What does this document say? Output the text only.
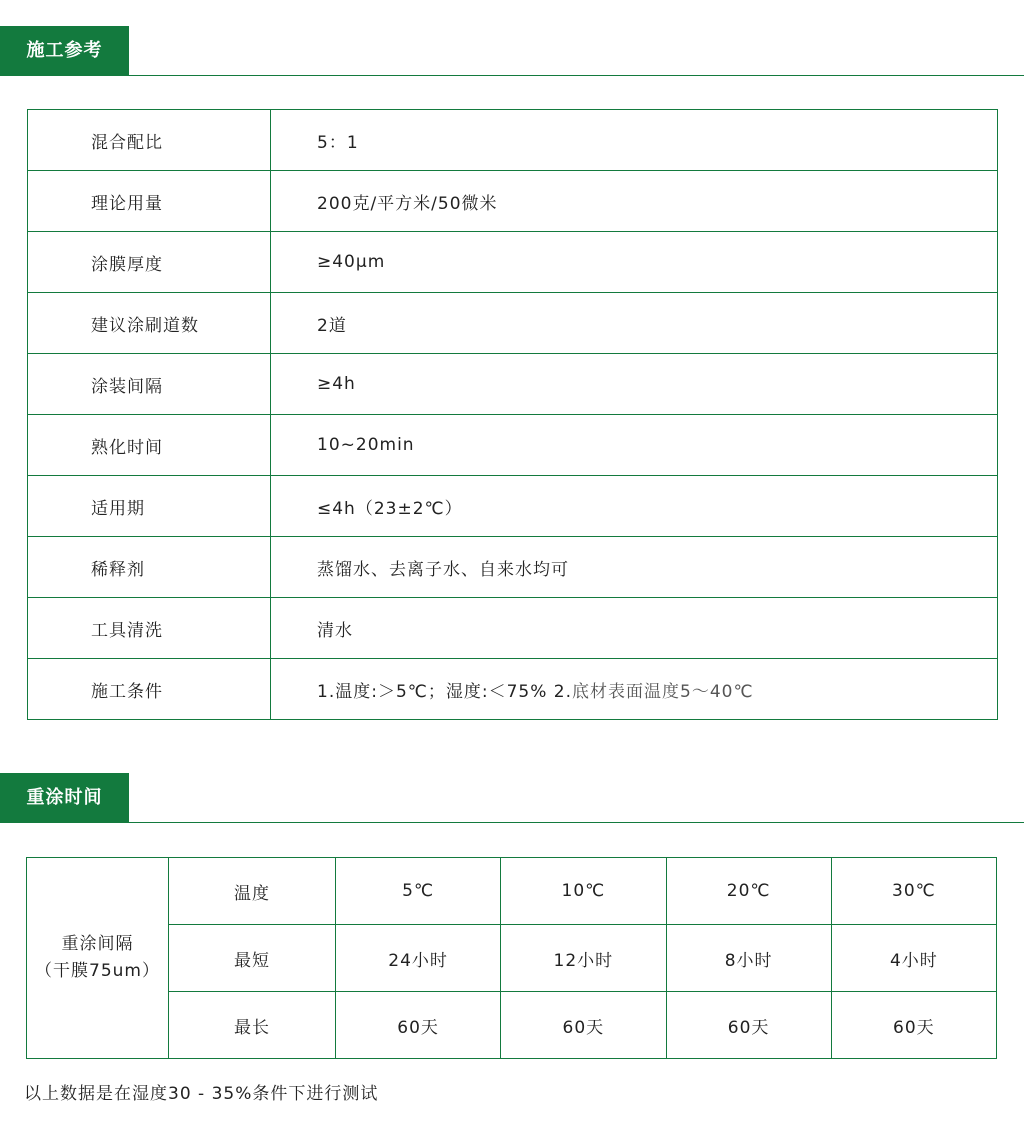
施工参考
混合配比	5：1
理论用量	200克/平方米/50微米
涂膜厚度	≥40μm
建议涂刷道数	2道
涂装间隔	≥4h
熟化时间	10~20min
适用期	≤4h（23±2℃）
稀释剂	蒸馏水、去离子水、自来水均可
工具清洗	清水
施工条件	1.温度:＞5℃；湿度:＜75% 2.底材表面温度5～40℃
重涂时间
重涂间隔
（干膜75um）	温度	5℃	10℃	20℃	30℃
	最短	24小时	12小时	8小时	4小时
	最长	60天	60天	60天	60天
以上数据是在湿度30 - 35%条件下进行测试
